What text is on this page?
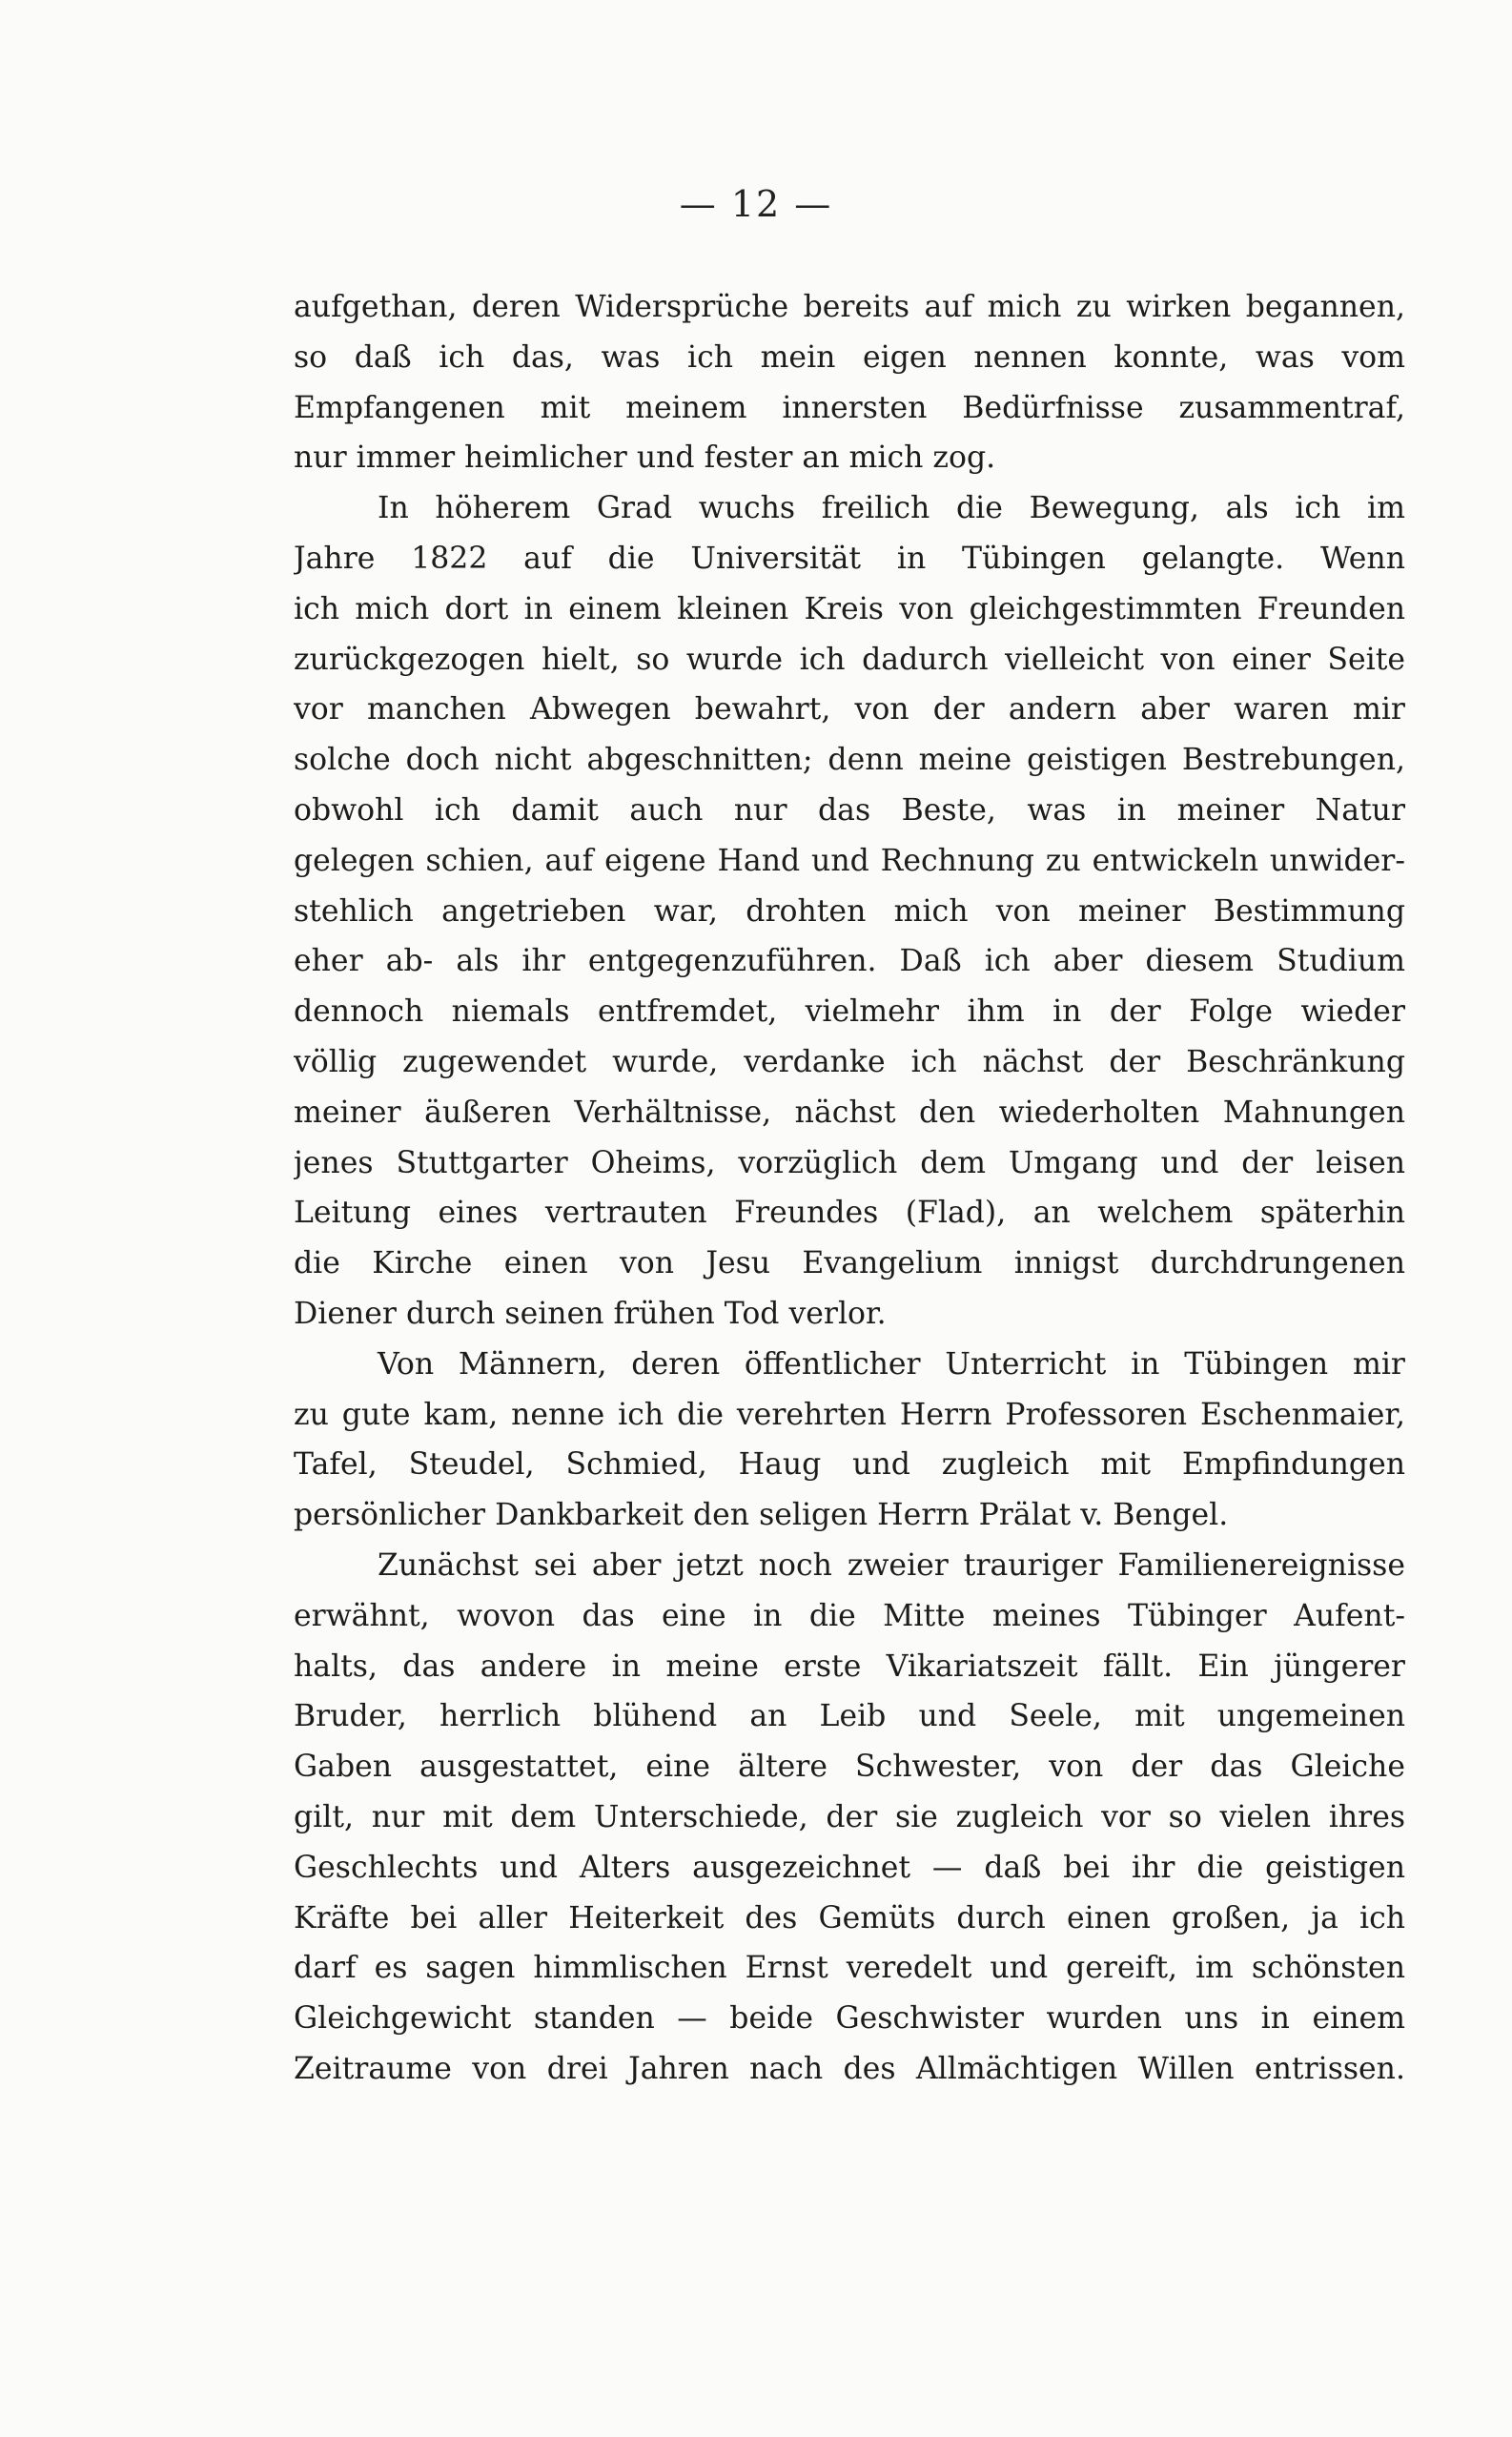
— 12 —
aufgethan, deren Widersprüche bereits auf mich zu wirken begannen,
so daß ich das, was ich mein eigen nennen konnte, was vom
Empfangenen mit meinem innersten Bedürfnisse zusammentraf,
nur immer heimlicher und fester an mich zog.
In höherem Grad wuchs freilich die Bewegung, als ich im
Jahre 1822 auf die Universität in Tübingen gelangte. Wenn
ich mich dort in einem kleinen Kreis von gleichgestimmten Freunden
zurückgezogen hielt, so wurde ich dadurch vielleicht von einer Seite
vor manchen Abwegen bewahrt, von der andern aber waren mir
solche doch nicht abgeschnitten; denn meine geistigen Bestrebungen,
obwohl ich damit auch nur das Beste, was in meiner Natur
gelegen schien, auf eigene Hand und Rechnung zu entwickeln unwider-
stehlich angetrieben war, drohten mich von meiner Bestimmung
eher ab- als ihr entgegenzuführen. Daß ich aber diesem Studium
dennoch niemals entfremdet, vielmehr ihm in der Folge wieder
völlig zugewendet wurde, verdanke ich nächst der Beschränkung
meiner äußeren Verhältnisse, nächst den wiederholten Mahnungen
jenes Stuttgarter Oheims, vorzüglich dem Umgang und der leisen
Leitung eines vertrauten Freundes (Flad), an welchem späterhin
die Kirche einen von Jesu Evangelium innigst durchdrungenen
Diener durch seinen frühen Tod verlor.
Von Männern, deren öffentlicher Unterricht in Tübingen mir
zu gute kam, nenne ich die verehrten Herrn Professoren Eschenmaier,
Tafel, Steudel, Schmied, Haug und zugleich mit Empfindungen
persönlicher Dankbarkeit den seligen Herrn Prälat v. Bengel.
Zunächst sei aber jetzt noch zweier trauriger Familienereignisse
erwähnt, wovon das eine in die Mitte meines Tübinger Aufent-
halts, das andere in meine erste Vikariatszeit fällt. Ein jüngerer
Bruder, herrlich blühend an Leib und Seele, mit ungemeinen
Gaben ausgestattet, eine ältere Schwester, von der das Gleiche
gilt, nur mit dem Unterschiede, der sie zugleich vor so vielen ihres
Geschlechts und Alters ausgezeichnet — daß bei ihr die geistigen
Kräfte bei aller Heiterkeit des Gemüts durch einen großen, ja ich
darf es sagen himmlischen Ernst veredelt und gereift, im schönsten
Gleichgewicht standen — beide Geschwister wurden uns in einem
Zeitraume von drei Jahren nach des Allmächtigen Willen entrissen.
